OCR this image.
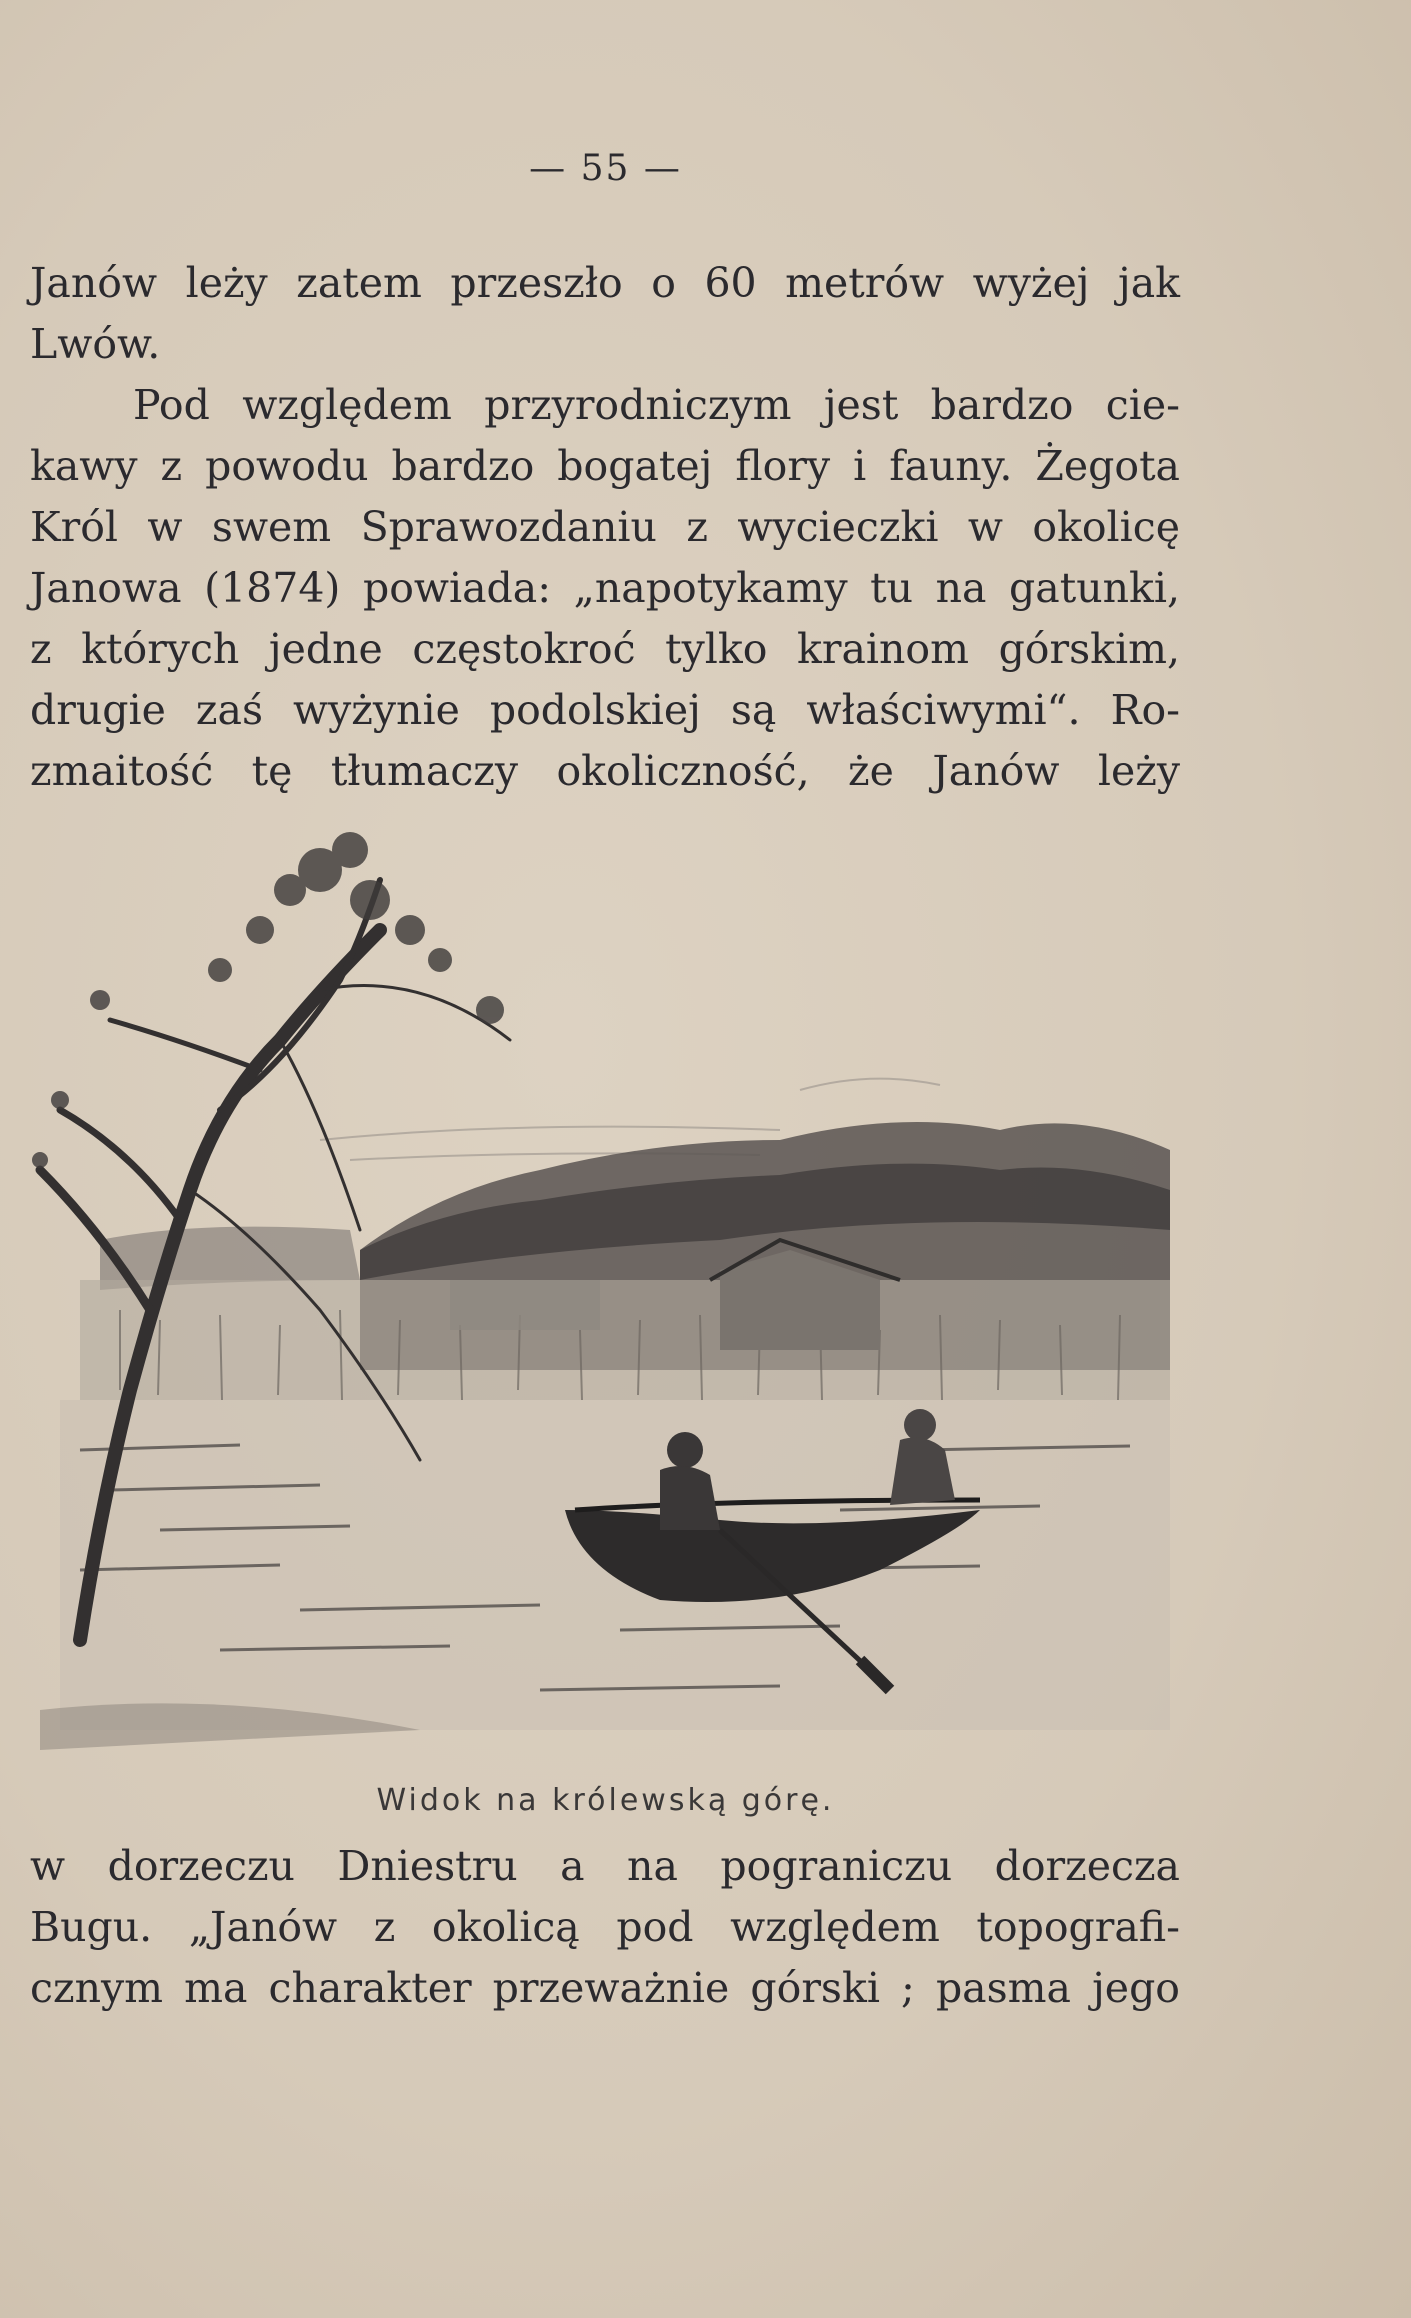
— 55 —
Janów leży zatem przeszło o 60 metrów wyżej jak
Lwów.
Pod względem przyrodniczym jest bardzo cie-
kawy z powodu bardzo bogatej flory i fauny. Żegota
Król w swem Sprawozdaniu z wycieczki w okolicę
Janowa (1874) powiada: „napotykamy tu na gatunki,
z których jedne częstokroć tylko krainom górskim,
drugie zaś wyżynie podolskiej są właściwymi“. Ro-
zmaitość tę tłumaczy okoliczność, że Janów leży
Widok na królewską górę.
w dorzeczu Dniestru a na pograniczu dorzecza
Bugu. „Janów z okolicą pod względem topografi-
cznym ma charakter przeważnie górski ; pasma jego
